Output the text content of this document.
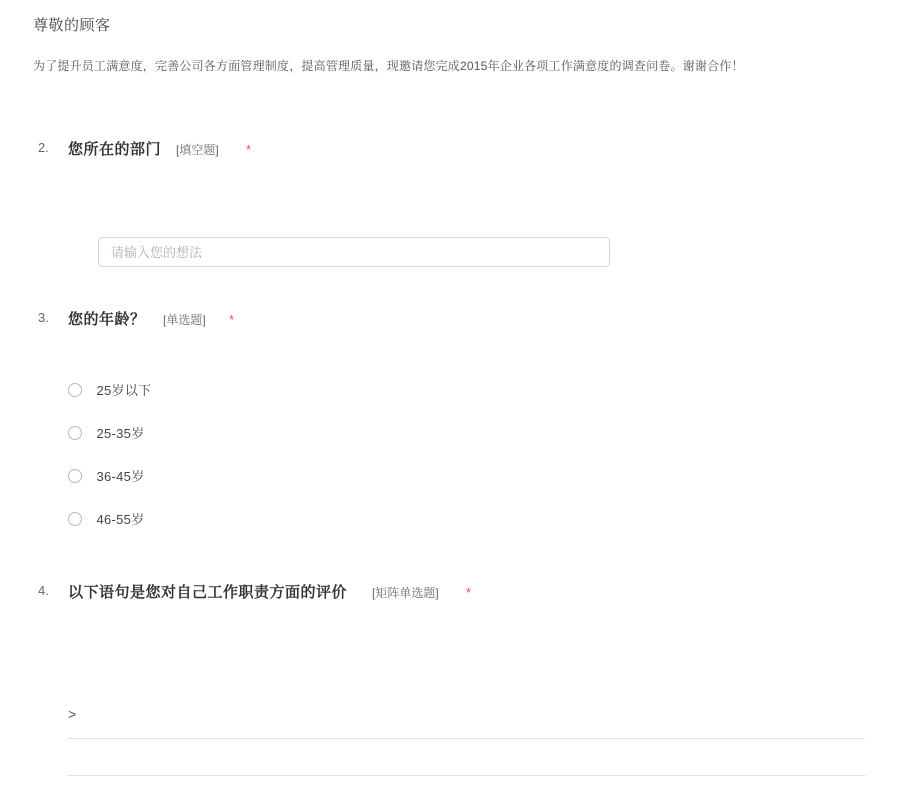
尊敬的顾客
为了提升员工满意度，完善公司各方面管理制度，提高管理质量，现邀请您完成2015年企业各项工作满意度的调查问卷。谢谢合作！
2. 您所在的部门 [填空题] *
请输入您的想法
3. 您的年龄？ [单选题] *
25岁以下
25-35岁
36-45岁
46-55岁
4. 以下语句是您对自己工作职责方面的评价 [矩阵单选题] *
>
